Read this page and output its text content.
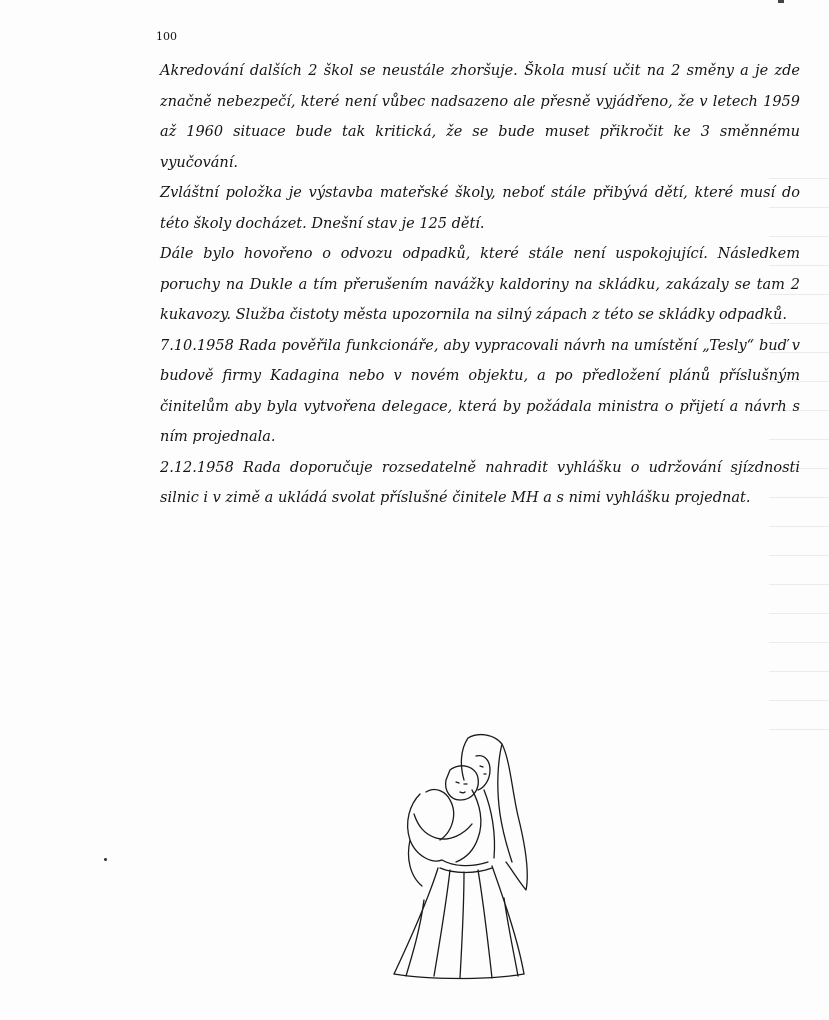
100

Akredování dalších 2 škol se neustále zhoršuje. Škola musí učit na 2 směny a je zde značně nebezpečí, které není vůbec nadsazeno ale přesně vyjádřeno, že v letech 1959 až 1960 situace bude tak kritická, že se bude muset přikročit ke 3 směnnému vyučování.

Zvláštní položka je výstavba mateřské školy, neboť stále přibývá dětí, které musí do této školy docházet. Dnešní stav je 125 dětí.

Dále bylo hovořeno o odvozu odpadků, které stále není uspokojující. Následkem poruchy na Dukle a tím přerušením navážky kaldoriny na skládku, zakázaly se tam 2 kukavozy. Služba čistoty města upozornila na silný zápach z této se skládky odpadků.

7.10.1958 Rada pověřila funkcionáře, aby vypracovali návrh na umístění „Tesly“ buď v budově firmy Kadagina nebo v novém objektu, a po předložení plánů příslušným činitelům aby byla vytvořena delegace, která by požádala ministra o přijetí a návrh s ním projednala.

2.12.1958 Rada doporučuje rozsedatelně nahradit vyhlášku o udržování sjízdnosti silnic i v zimě a ukládá svolat příslušné činitele MH a s nimi vyhlášku projednat.
